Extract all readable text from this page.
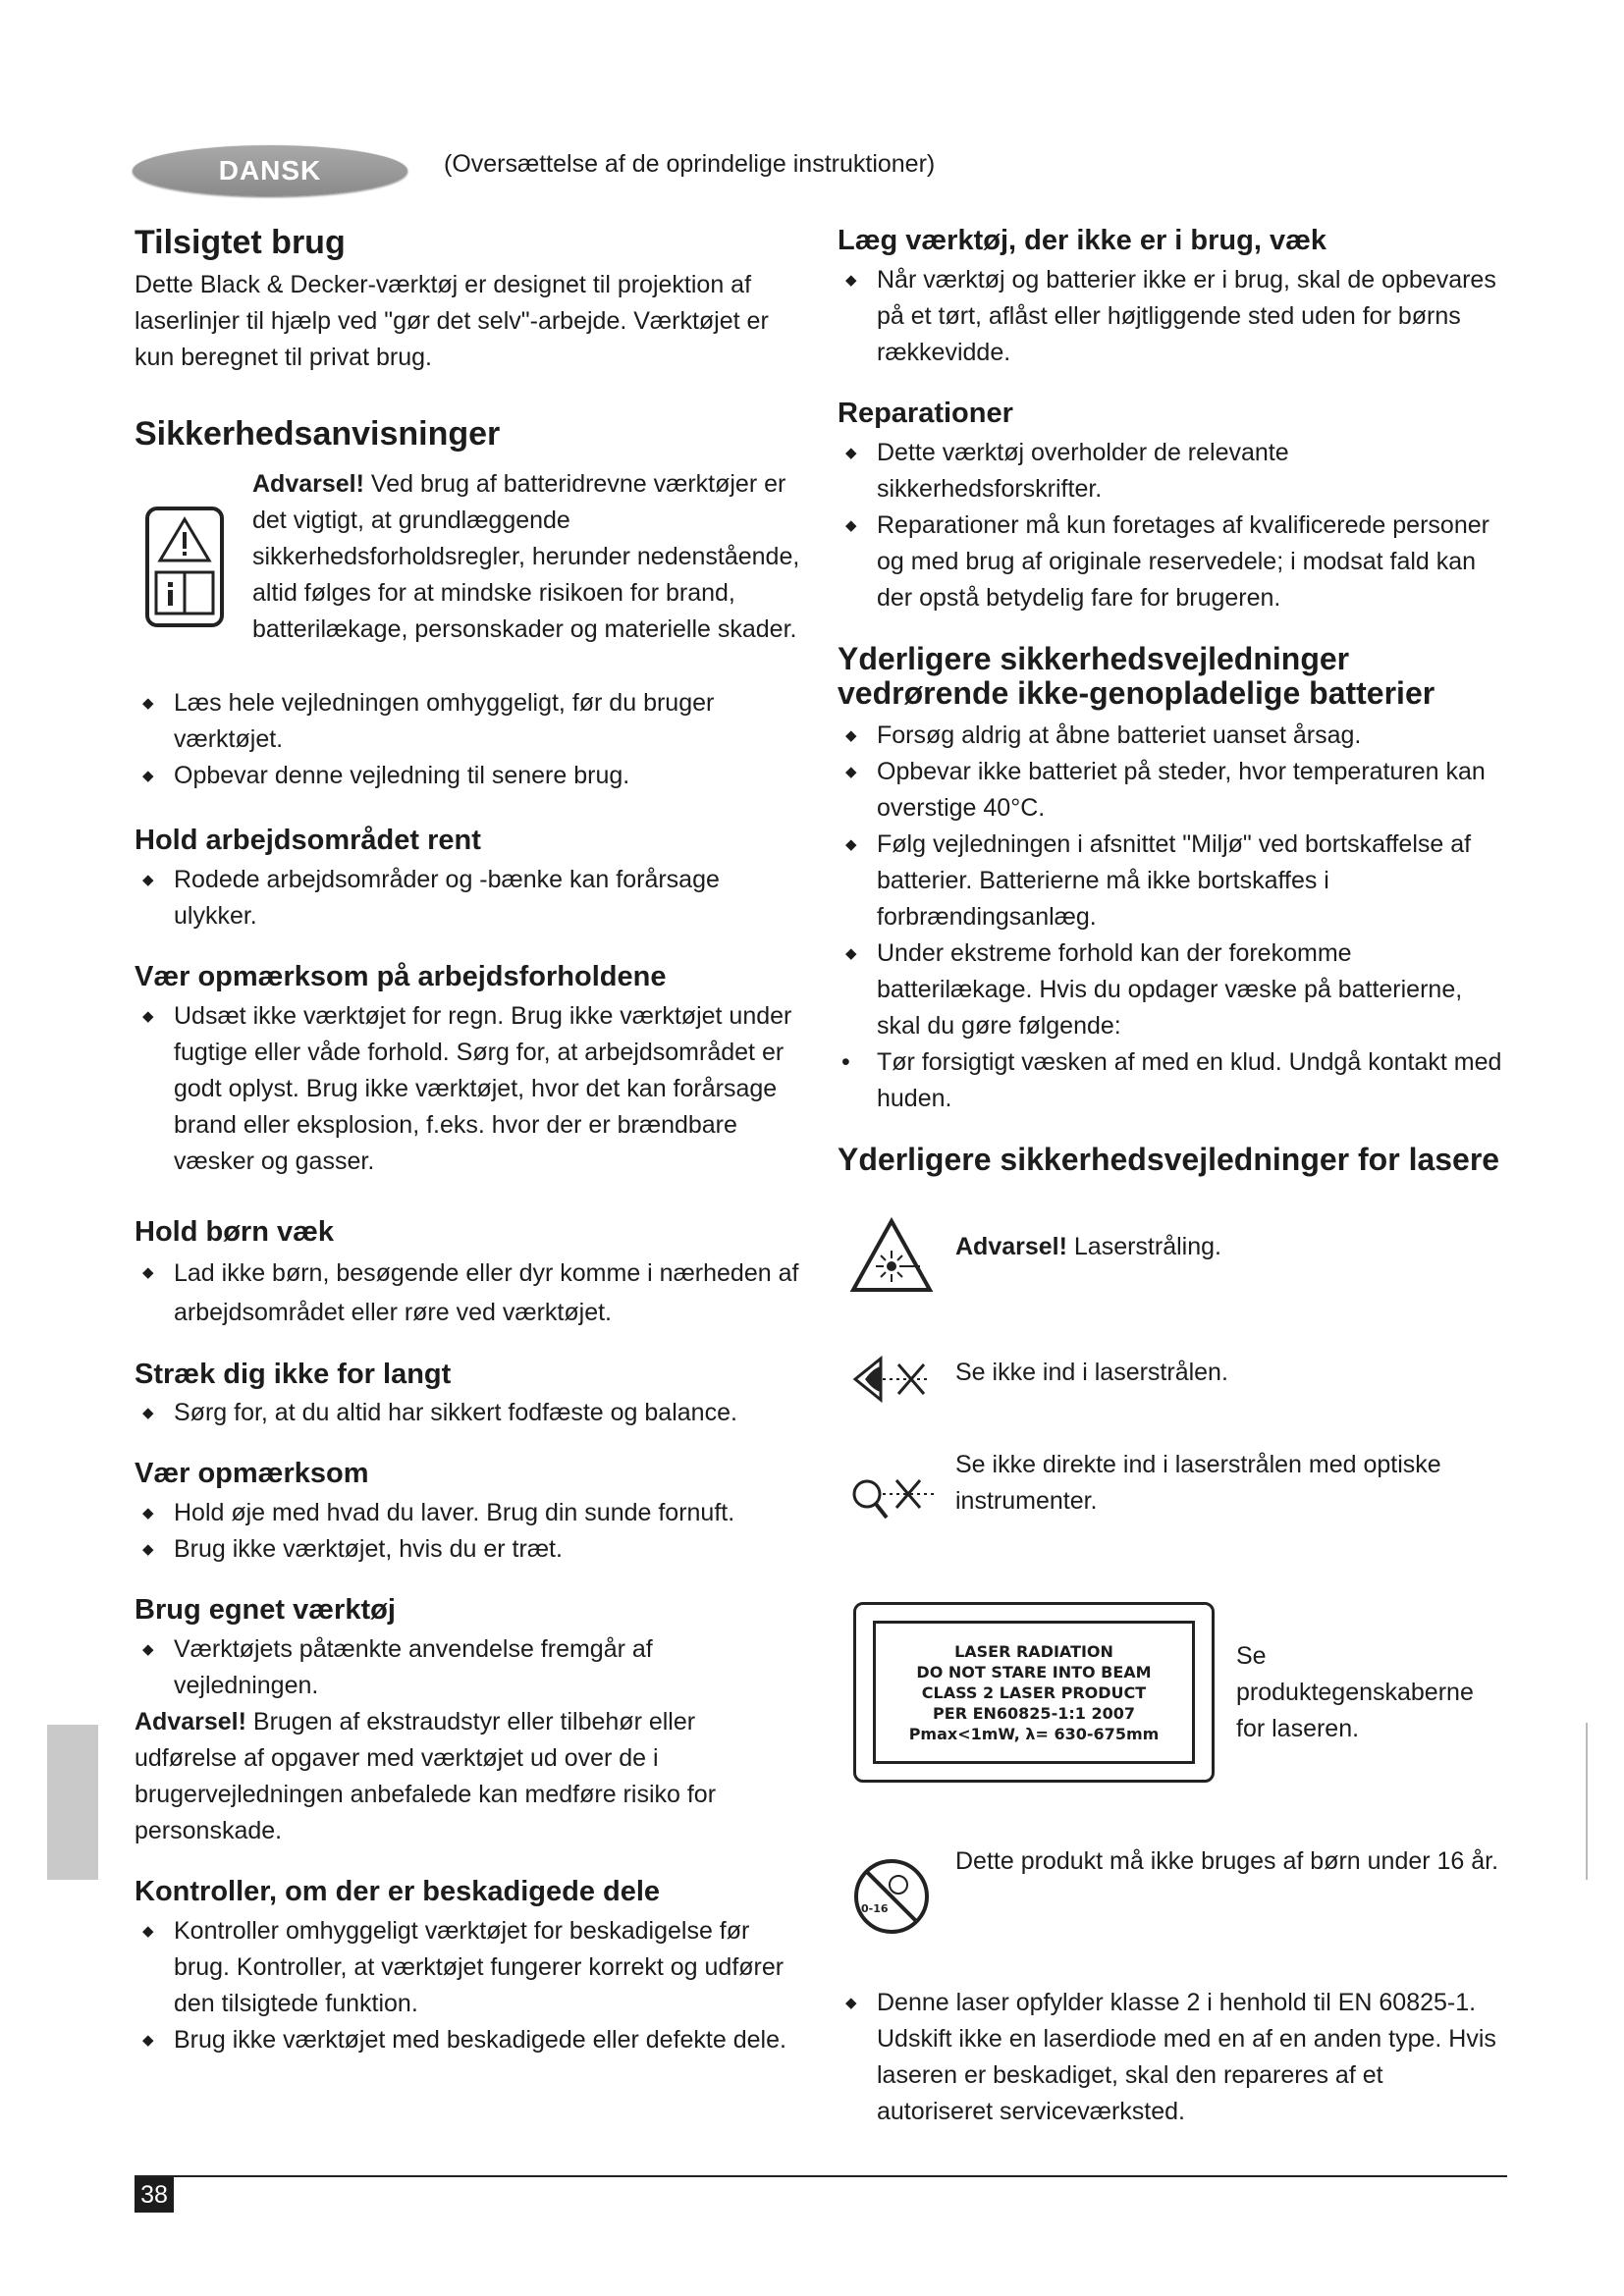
DANSK	(Oversættelse af de oprindelige instruktioner)
Tilsigtet brug

Dette Black & Decker-værktøj er designet til projektion af laserlinjer til hjælp ved "gør det selv"-arbejde. Værktøjet er kun beregnet til privat brug.

Sikkerhedsanvisninger
Advarsel! Ved brug af batteridrevne værktøjer er det vigtigt, at grundlæggende sikkerhedsforholdsregler, herunder nedenstående, altid følges for at mindske risikoen for brand, batterilækage, personskader og materielle skader.
◆ Læs hele vejledningen omhyggeligt, før du bruger værktøjet.
◆ Opbevar denne vejledning til senere brug.
Hold arbejdsområdet rent
◆ Rodede arbejdsområder og -bænke kan forårsage ulykker.
Vær opmærksom på arbejdsforholdene
◆ Udsæt ikke værktøjet for regn. Brug ikke værktøjet under fugtige eller våde forhold. Sørg for, at arbejdsområdet er godt oplyst. Brug ikke værktøjet, hvor det kan forårsage brand eller eksplosion, f.eks. hvor der er brændbare væsker og gasser.
Hold børn væk
◆ Lad ikke børn, besøgende eller dyr komme i nærheden af arbejdsområdet eller røre ved værktøjet.
Stræk dig ikke for langt
◆ Sørg for, at du altid har sikkert fodfæste og balance.
Vær opmærksom
◆ Hold øje med hvad du laver. Brug din sunde fornuft.
◆ Brug ikke værktøjet, hvis du er træt.
Brug egnet værktøj
◆ Værktøjets påtænkte anvendelse fremgår af vejledningen.

Advarsel! Brugen af ekstraudstyr eller tilbehør eller udførelse af opgaver med værktøjet ud over de i brugervejledningen anbefalede kan medføre risiko for personskade.

Kontroller, om der er beskadigede dele
◆ Kontroller omhyggeligt værktøjet for beskadigelse før brug. Kontroller, at værktøjet fungerer korrekt og udfører den tilsigtede funktion.
◆ Brug ikke værktøjet med beskadigede eller defekte dele.
Læg værktøj, der ikke er i brug, væk
◆ Når værktøj og batterier ikke er i brug, skal de opbevares på et tørt, aflåst eller højtliggende sted uden for børns rækkevidde.
Reparationer
◆ Dette værktøj overholder de relevante sikkerhedsforskrifter.
◆ Reparationer må kun foretages af kvalificerede personer og med brug af originale reservedele; i modsat fald kan der opstå betydelig fare for brugeren.
Yderligere sikkerhedsvejledninger vedrørende ikke-genopladelige batterier
◆ Forsøg aldrig at åbne batteriet uanset årsag.
◆ Opbevar ikke batteriet på steder, hvor temperaturen kan overstige 40°C.
◆ Følg vejledningen i afsnittet "Miljø" ved bortskaffelse af batterier. Batterierne må ikke bortskaffes i forbrændingsanlæg.
◆ Under ekstreme forhold kan der forekomme batterilækage. Hvis du opdager væske på batterierne, skal du gøre følgende:
• Tør forsigtigt væsken af med en klud. Undgå kontakt med huden.
Yderligere sikkerhedsvejledninger for lasere
Advarsel! Laserstråling.
Se ikke ind i laserstrålen.
Se ikke direkte ind i laserstrålen med optiske instrumenter.
LASER RADIATION
DO NOT STARE INTO BEAM
CLASS 2 LASER PRODUCT
PER EN60825-1:1 2007
Pmax<1mW, λ= 630-675mm
Se produktegenskaberne for laseren.
0-16
Dette produkt må ikke bruges af børn under 16 år.
◆ Denne laser opfylder klasse 2 i henhold til EN 60825-1. Udskift ikke en laserdiode med en af en anden type. Hvis laseren er beskadiget, skal den repareres af et autoriseret serviceværksted.
38
